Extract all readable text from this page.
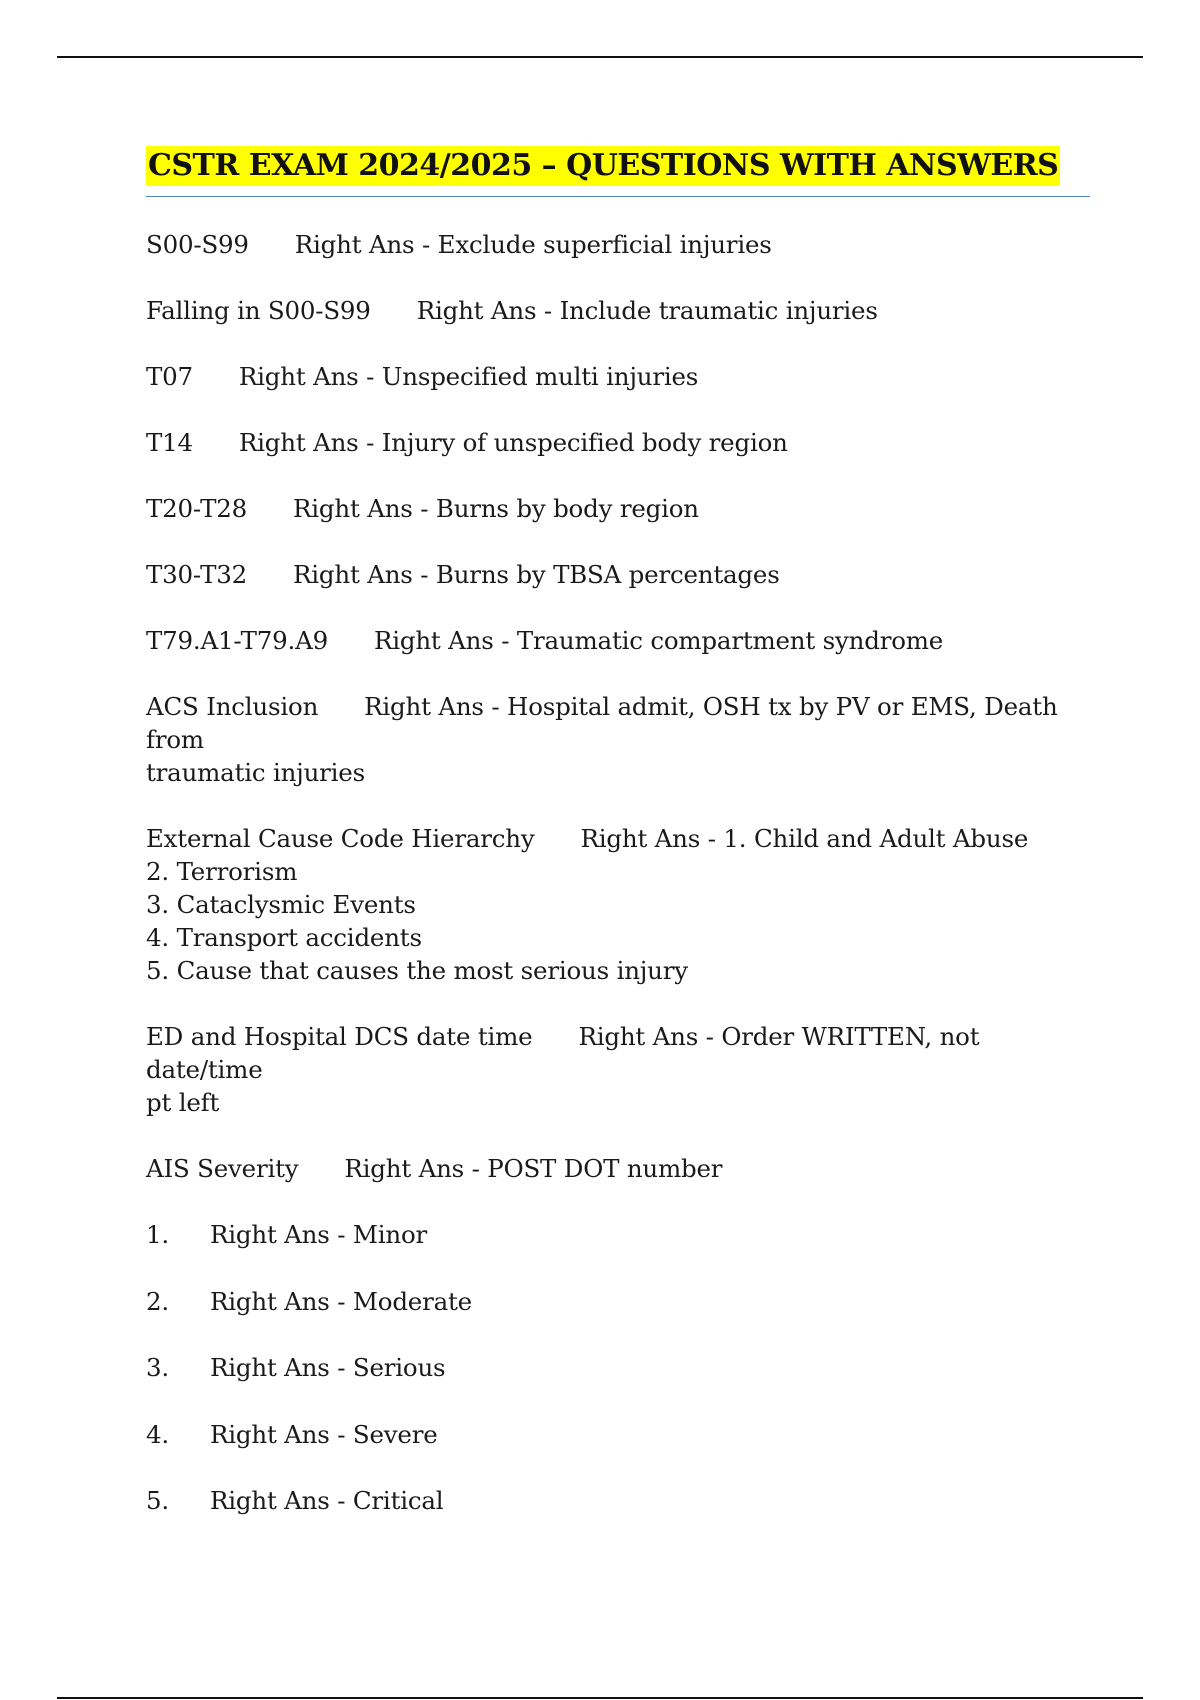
CSTR EXAM 2024/2025 – QUESTIONS WITH ANSWERS
S00-S99 Right Ans - Exclude superficial injuries
Falling in S00-S99 Right Ans - Include traumatic injuries
T07 Right Ans - Unspecified multi injuries
T14 Right Ans - Injury of unspecified body region
T20-T28 Right Ans - Burns by body region
T30-T32 Right Ans - Burns by TBSA percentages
T79.A1-T79.A9 Right Ans - Traumatic compartment syndrome
ACS Inclusion Right Ans - Hospital admit, OSH tx by PV or EMS, Death from
traumatic injuries
External Cause Code Hierarchy Right Ans - 1. Child and Adult Abuse
2. Terrorism
3. Cataclysmic Events
4. Transport accidents
5. Cause that causes the most serious injury
ED and Hospital DCS date time Right Ans - Order WRITTEN, not date/time
pt left
AIS Severity Right Ans - POST DOT number
1.	Right Ans - Minor
2.	Right Ans - Moderate
3.	Right Ans - Serious
4.	Right Ans - Severe
5.	Right Ans - Critical
